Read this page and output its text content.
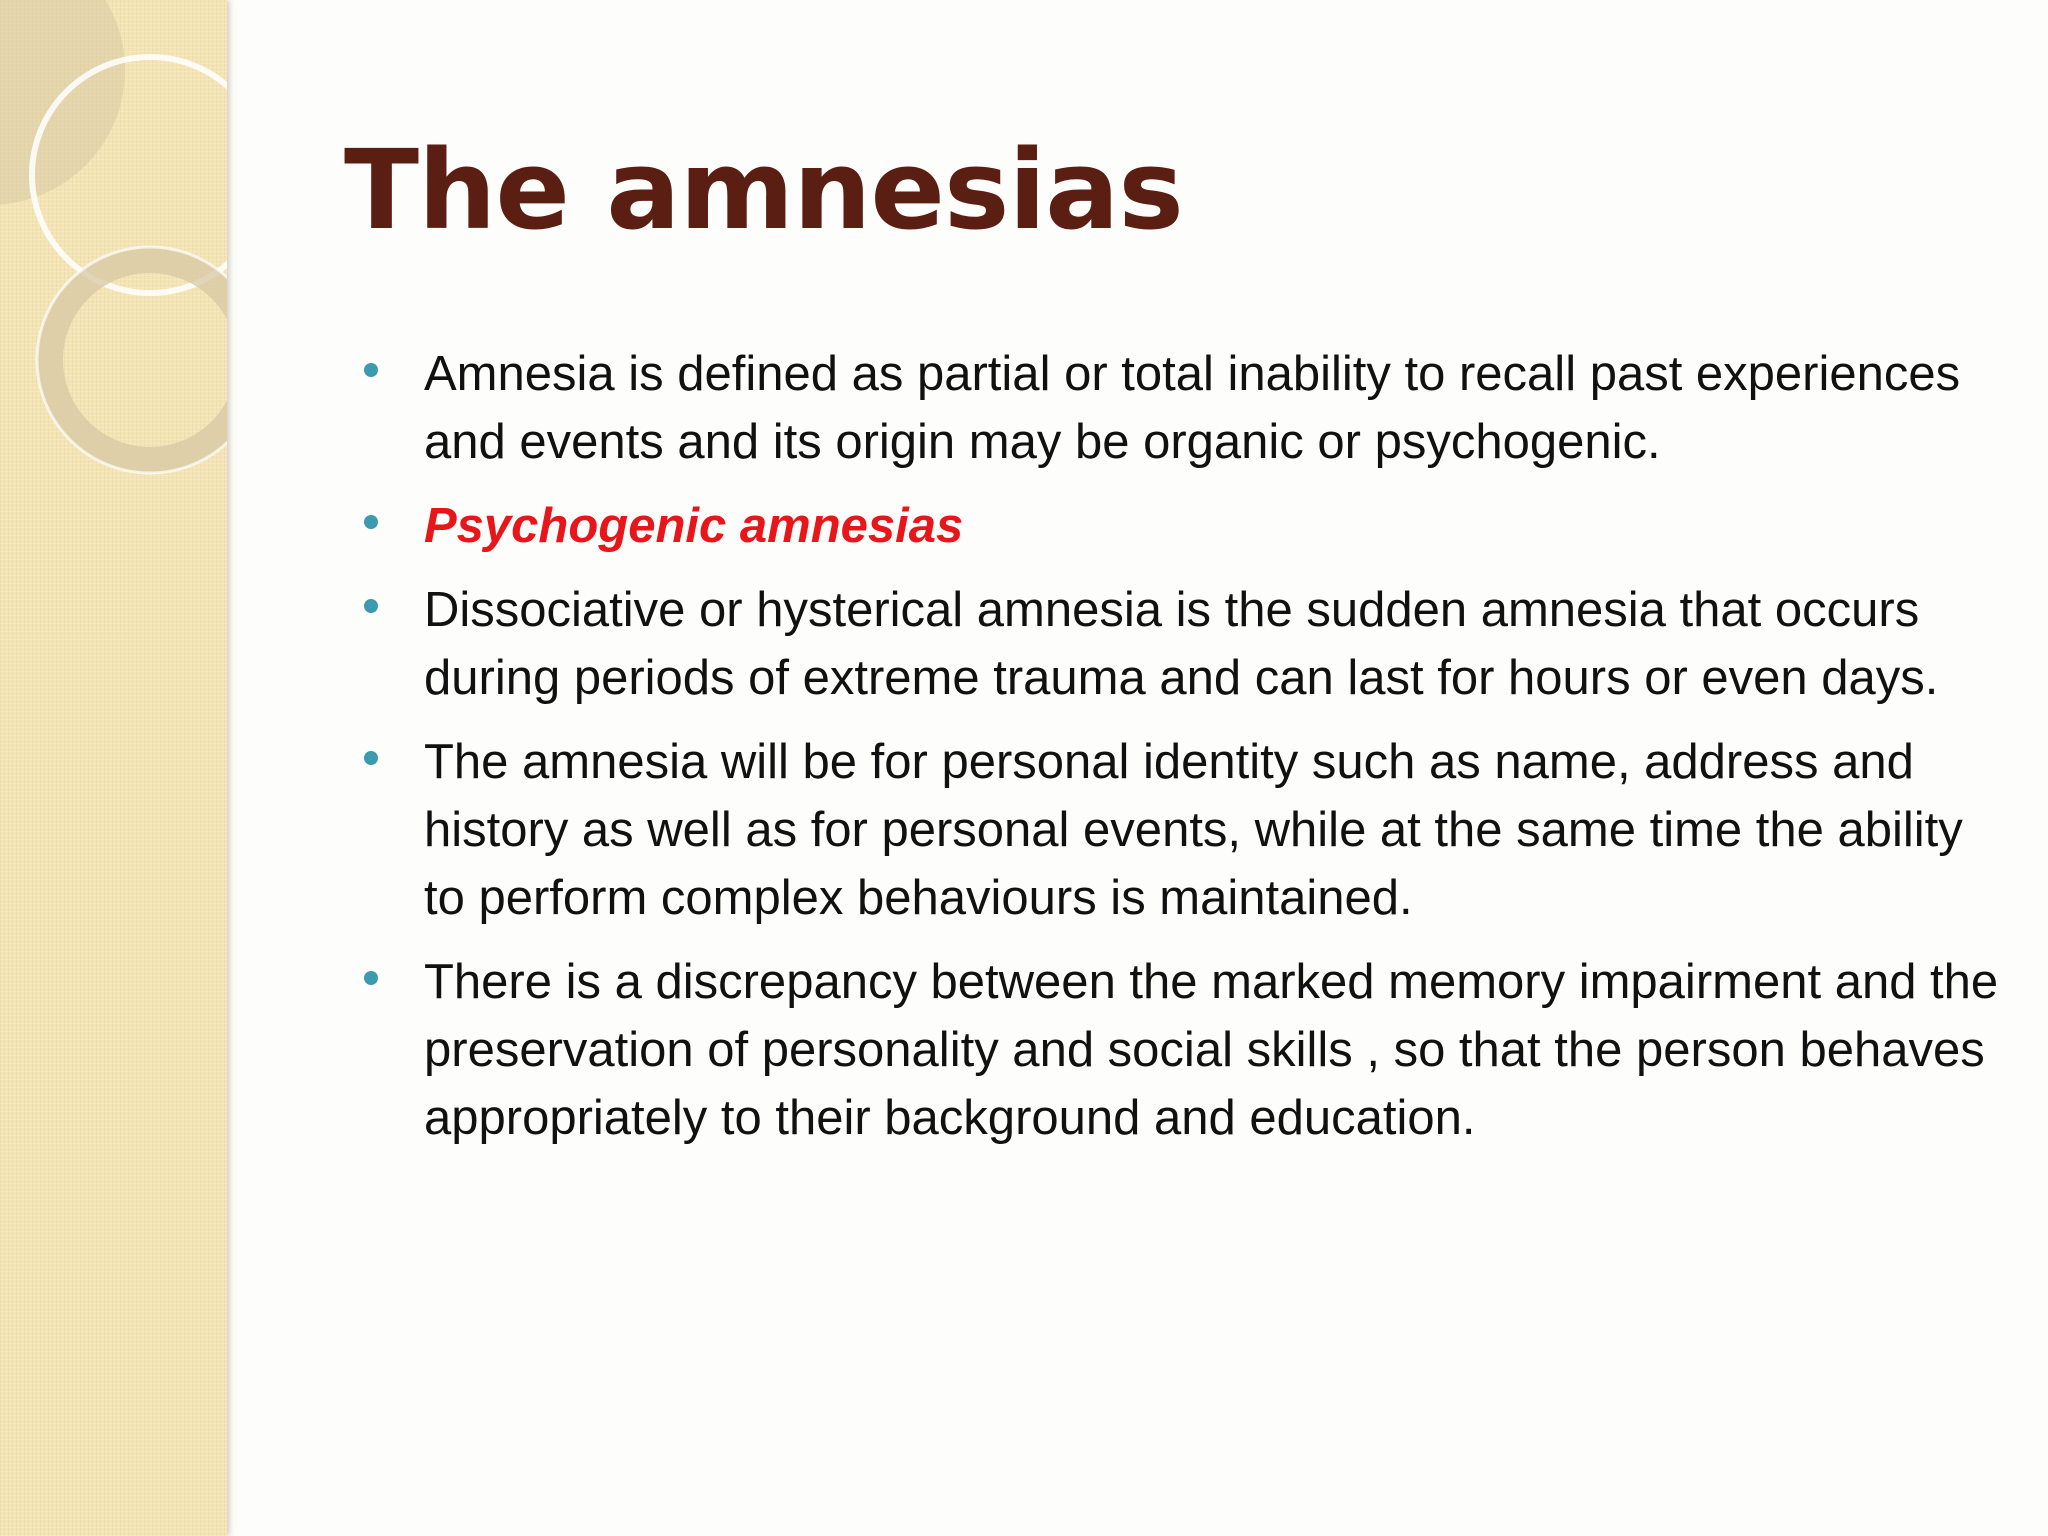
The amnesias
Amnesia is defined as partial or total inability to recall past experiences and events and its origin may be organic or psychogenic.
Psychogenic amnesias
Dissociative or hysterical amnesia is the sudden amnesia that occurs during periods of extreme trauma and can last for hours or even days.
The amnesia will be for personal identity such as name, address and history as well as for personal events, while at the same time the ability to perform complex behaviours is maintained.
There is a discrepancy between the marked memory impairment and the preservation of personality and social skills , so that the person behaves appropriately to their background and education.
